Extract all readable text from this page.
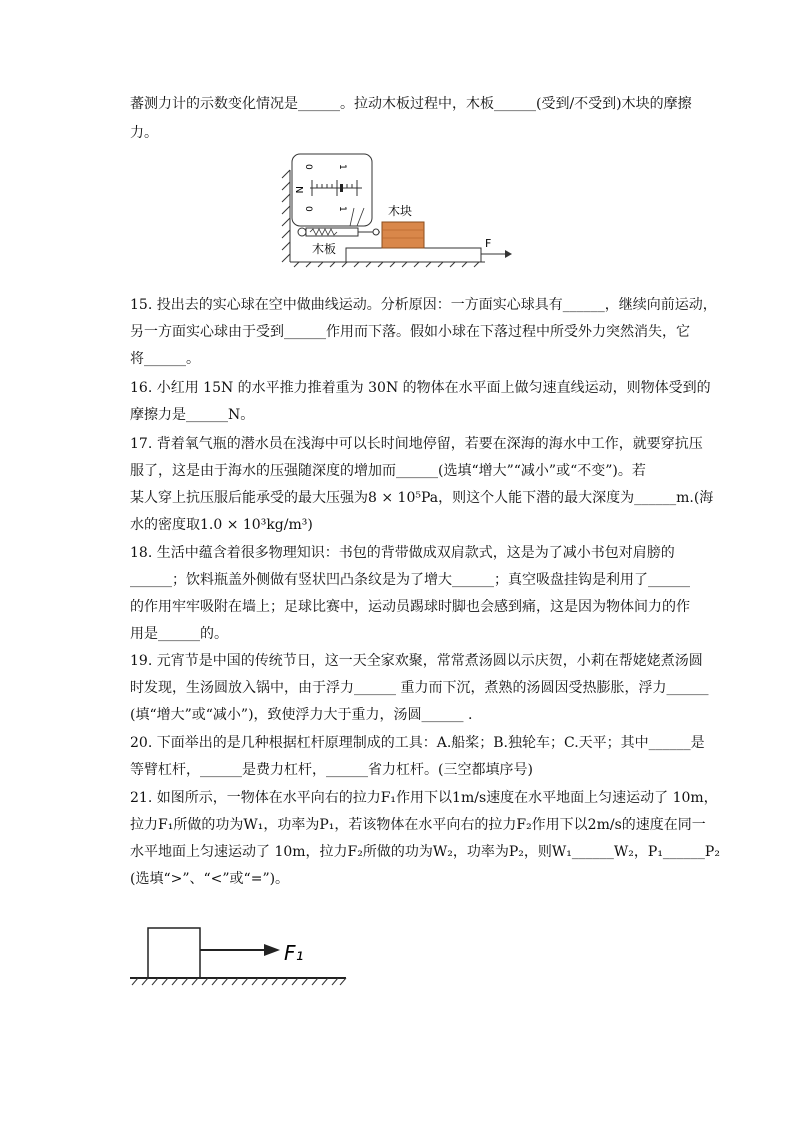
蕃测力计的示数变化情况是______。拉动木板过程中，木板______(受到/不受到)木块的摩擦
力。
N
0	1
0	1
木板
木块
F
15. 投出去的实心球在空中做曲线运动。分析原因：一方面实心球具有______，继续向前运动，
另一方面实心球由于受到______作用而下落。假如小球在下落过程中所受外力突然消失，它
将______。
16. 小红用 15N 的水平推力推着重为 30N 的物体在水平面上做匀速直线运动，则物体受到的
摩擦力是______N。
17. 背着氧气瓶的潜水员在浅海中可以长时间地停留，若要在深海的海水中工作，就要穿抗压
服了，这是由于海水的压强随深度的增加而______(选填“增大”“减小”或“不变”)。若
某人穿上抗压服后能承受的最大压强为8 × 10⁵Pa，则这个人能下潜的最大深度为______m.(海
水的密度取1.0 × 10³kg/m³)
18. 生活中蕴含着很多物理知识：书包的背带做成双肩款式，这是为了减小书包对肩膀的
______；饮料瓶盖外侧做有竖状凹凸条纹是为了增大______；真空吸盘挂钩是利用了______
的作用牢牢吸附在墙上；足球比赛中，运动员踢球时脚也会感到痛，这是因为物体间力的作
用是______的。
19. 元宵节是中国的传统节日，这一天全家欢聚，常常煮汤圆以示庆贺，小莉在帮姥姥煮汤圆
时发现，生汤圆放入锅中，由于浮力______ 重力而下沉，煮熟的汤圆因受热膨胀，浮力______
(填“增大”或“减小”)，致使浮力大于重力，汤圆______ .
20. 下面举出的是几种根据杠杆原理制成的工具：A.船桨；B.独轮车；C.天平；其中______是
等臂杠杆，______是费力杠杆，______省力杠杆。(三空都填序号)
21. 如图所示，一物体在水平向右的拉力F₁作用下以1m/s速度在水平地面上匀速运动了 10m，
拉力F₁所做的功为W₁，功率为P₁，若该物体在水平向右的拉力F₂作用下以2m/s的速度在同一
水平地面上匀速运动了 10m，拉力F₂所做的功为W₂，功率为P₂，则W₁______W₂，P₁______P₂
(选填“>”、“<”或“=”)。
F₁
